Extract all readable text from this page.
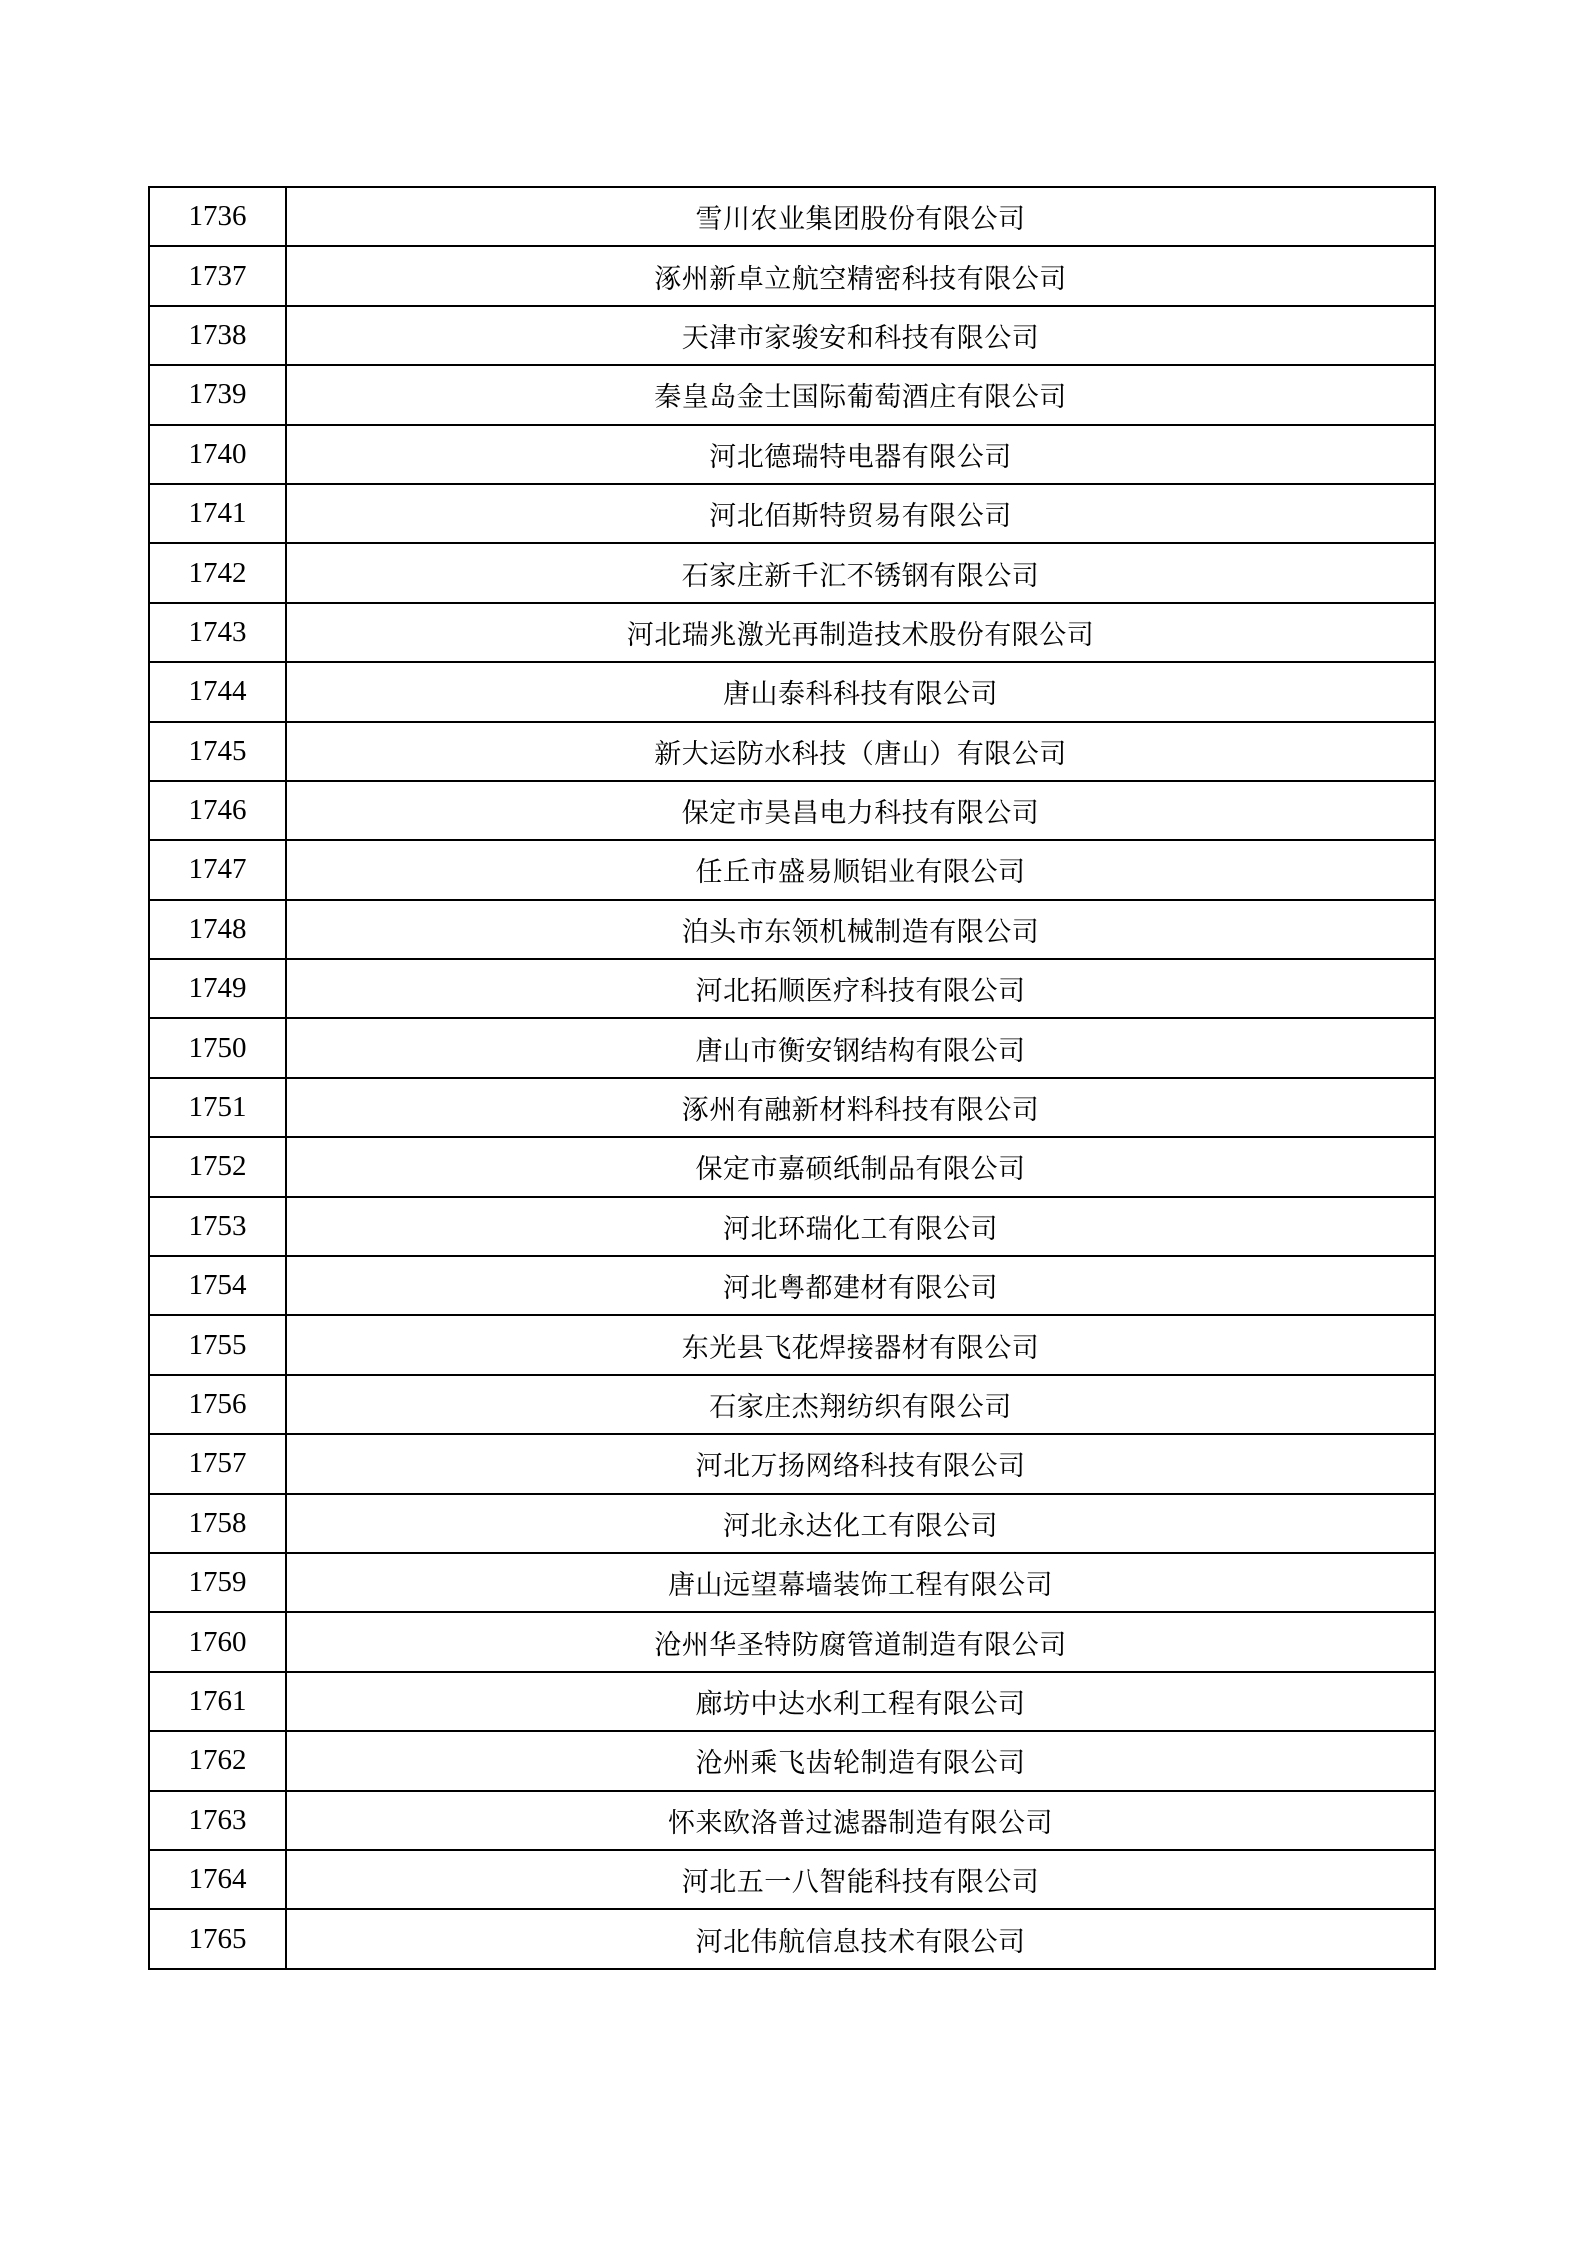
1736	雪川农业集团股份有限公司
1737	涿州新卓立航空精密科技有限公司
1738	天津市家骏安和科技有限公司
1739	秦皇岛金士国际葡萄酒庄有限公司
1740	河北德瑞特电器有限公司
1741	河北佰斯特贸易有限公司
1742	石家庄新千汇不锈钢有限公司
1743	河北瑞兆激光再制造技术股份有限公司
1744	唐山泰科科技有限公司
1745	新大运防水科技（唐山）有限公司
1746	保定市昊昌电力科技有限公司
1747	任丘市盛易顺铝业有限公司
1748	泊头市东领机械制造有限公司
1749	河北拓顺医疗科技有限公司
1750	唐山市衡安钢结构有限公司
1751	涿州有融新材料科技有限公司
1752	保定市嘉硕纸制品有限公司
1753	河北环瑞化工有限公司
1754	河北粤都建材有限公司
1755	东光县飞花焊接器材有限公司
1756	石家庄杰翔纺织有限公司
1757	河北万扬网络科技有限公司
1758	河北永达化工有限公司
1759	唐山远望幕墙装饰工程有限公司
1760	沧州华圣特防腐管道制造有限公司
1761	廊坊中达水利工程有限公司
1762	沧州乘飞齿轮制造有限公司
1763	怀来欧洛普过滤器制造有限公司
1764	河北五一八智能科技有限公司
1765	河北伟航信息技术有限公司
